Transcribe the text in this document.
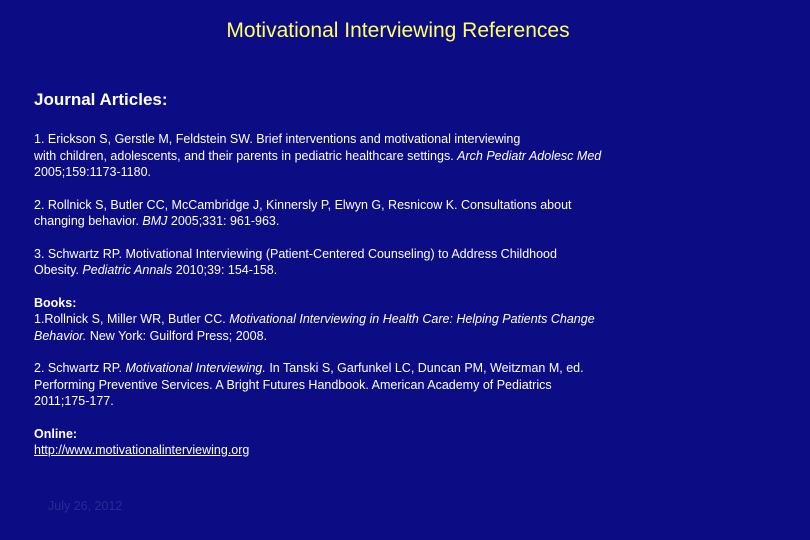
Motivational Interviewing References
Journal Articles:

1. Erickson S, Gerstle M, Feldstein SW. Brief interventions and motivational interviewing

with children, adolescents, and their parents in pediatric healthcare settings. Arch Pediatr Adolesc Med

2005;159:1173-1180.

2. Rollnick S, Butler CC, McCambridge J, Kinnersly P, Elwyn G, Resnicow K. Consultations about

changing behavior. BMJ 2005;331: 961-963.

3. Schwartz RP. Motivational Interviewing (Patient-Centered Counseling) to Address Childhood

Obesity. Pediatric Annals 2010;39: 154-158.

Books:

1.Rollnick S, Miller WR, Butler CC. Motivational Interviewing in Health Care: Helping Patients Change

Behavior. New York: Guilford Press; 2008.

2. Schwartz RP. Motivational Interviewing. In Tanski S, Garfunkel LC, Duncan PM, Weitzman M, ed.

Performing Preventive Services. A Bright Futures Handbook. American Academy of Pediatrics

2011;175-177.

Online:

http://www.motivationalinterviewing.org

July 26, 2012
